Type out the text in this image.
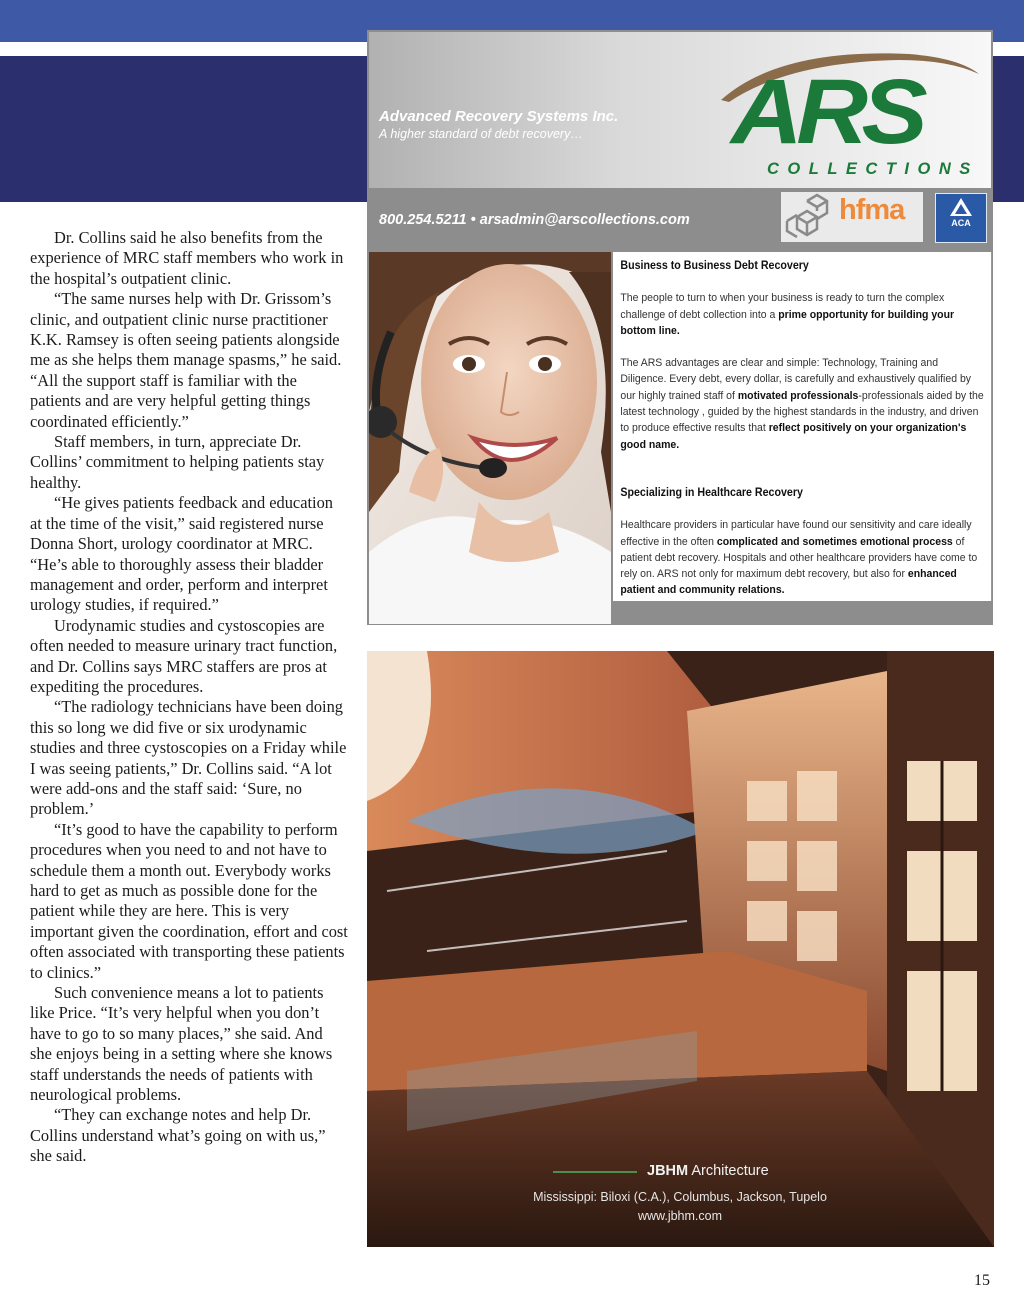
Dr. Collins said he also benefits from the experience of MRC staff members who work in the hospital’s outpatient clinic.

“The same nurses help with Dr. Grissom’s clinic, and outpatient clinic nurse practitioner K.K. Ramsey is often seeing patients alongside me as she helps them manage spasms,” he said. “All the support staff is familiar with the patients and are very helpful getting things coordinated efficiently.”

Staff members, in turn, appreciate Dr. Collins’ commitment to helping patients stay healthy.

“He gives patients feedback and education at the time of the visit,” said registered nurse Donna Short, urology coordinator at MRC. “He’s able to thoroughly assess their bladder management and order, perform and interpret urology studies, if required.”

Urodynamic studies and cystoscopies are often needed to measure urinary tract function, and Dr. Collins says MRC staffers are pros at expediting the procedures.

“The radiology technicians have been doing this so long we did five or six urodynamic studies and three cystoscopies on a Friday while I was seeing patients,” Dr. Collins said. “A lot were add-ons and the staff said: ‘Sure, no problem.’

“It’s good to have the capability to perform procedures when you need to and not have to schedule them a month out. Everybody works hard to get as much as possible done for the patient while they are here. This is very important given the coordination, effort and cost often associated with transporting these patients to clinics.”

Such convenience means a lot to patients like Price. “It’s very helpful when you don’t have to go to so many places,” she said. And she enjoys being in a setting where she knows staff understands the needs of patients with neurological problems.

“They can exchange notes and help Dr. Collins understand what’s going on with us,” she said.

Advanced Recovery Systems Inc.
A higher standard of debt recovery… ARS
COLLECTIONS
800.254.5211 • arsadmin@arscollections.com	hfma	ACA
Business to Business Debt Recovery

The people to turn to when your business is ready to turn the complex challenge of debt collection into a prime opportunity for building your bottom line.

The ARS advantages are clear and simple: Technology, Training and Diligence. Every debt, every dollar, is carefully and exhaustively qualified by our highly trained staff of motivated professionals-professionals aided by the latest technology , guided by the highest standards in the industry, and driven to produce effective results that reflect positively on your organization's good name.

Specializing in Healthcare Recovery

Healthcare providers in particular have found our sensitivity and care ideally effective in the often complicated and sometimes emotional process of patient debt recovery. Hospitals and other healthcare providers have come to rely on. ARS not only for maximum debt recovery, but also for enhanced patient and community relations.

JBHM Architecture
Mississippi: Biloxi (C.A.), Columbus, Jackson, Tupelo
www.jbhm.com
15
